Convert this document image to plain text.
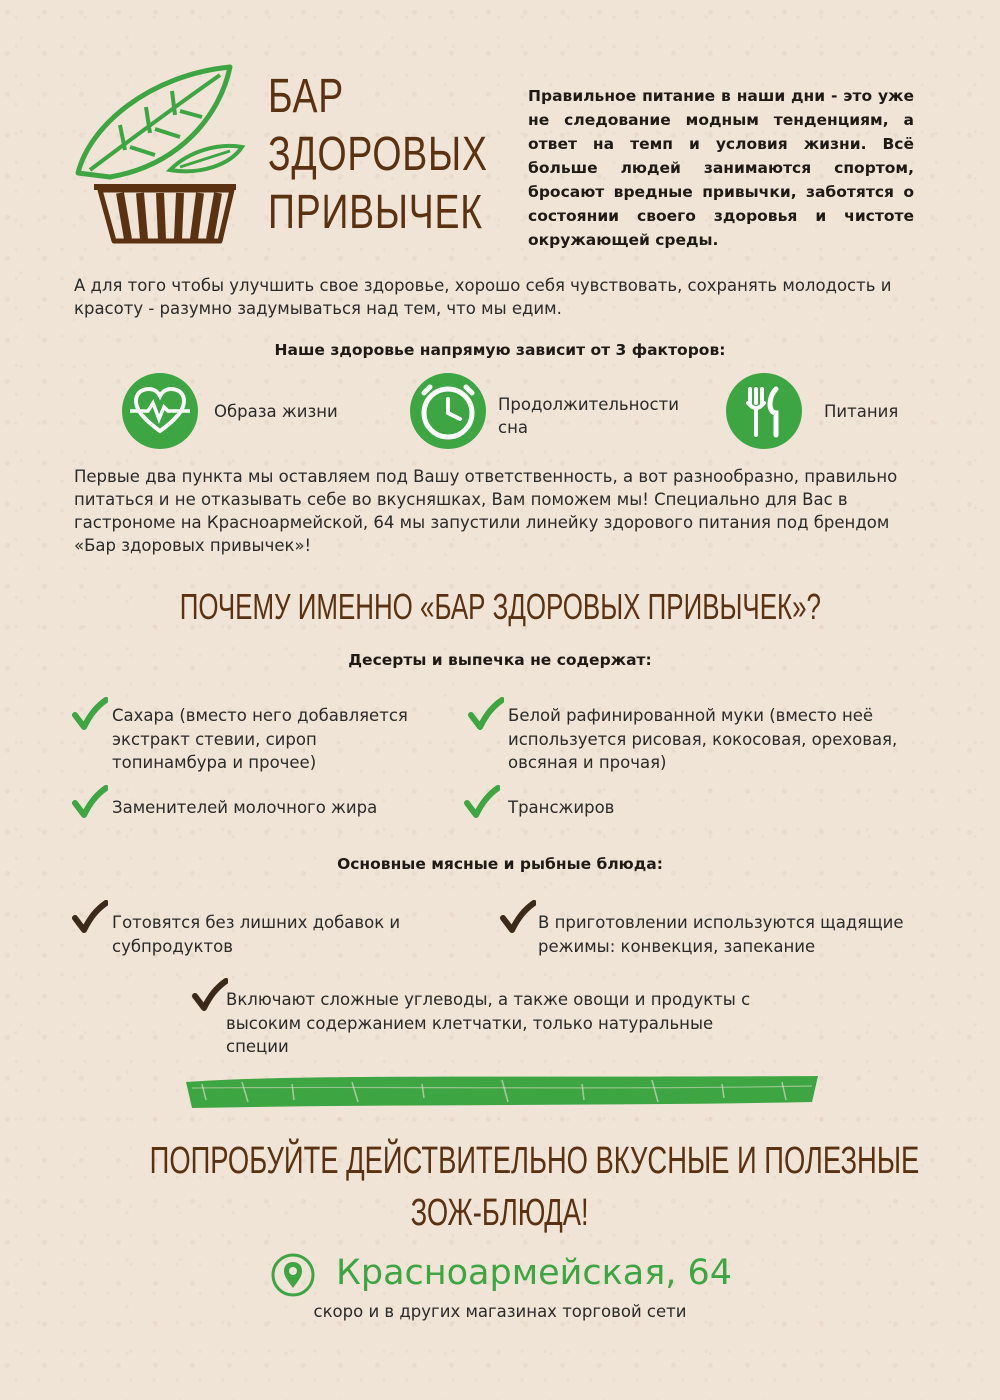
БАР
ЗДОРОВЫХ
ПРИВЫЧЕК
Правильное питание в наши дни - это уже не следование модным тенденциям, а ответ на темп и условия жизни. Всё больше людей занимаются спортом, бросают вредные привычки, заботятся о состоянии своего здоровья и чистоте окружающей среды.
А для того чтобы улучшить свое здоровье, хорошо себя чувствовать, сохранять молодость и красоту - разумно задумываться над тем, что мы едим.
Наше здоровье напрямую зависит от 3 факторов:
Образа жизни	Продолжительности сна
Питания
Первые два пункта мы оставляем под Вашу ответственность, а вот разнообразно, правильно питаться и не отказывать себе во вкусняшках, Вам поможем мы! Специально для Вас в гастрономе на Красноармейской, 64 мы запустили линейку здорового питания под брендом «Бар здоровых привычек»!
ПОЧЕМУ ИМЕННО «БАР ЗДОРОВЫХ ПРИВЫЧЕК»?
Десерты и выпечка не содержат:
Сахара (вместо него добавляется экстракт стевии, сироп топинамбура и прочее)
Белой рафинированной муки (вместо неё используется рисовая, кокосовая, ореховая, овсяная и прочая)
Заменителей молочного жира	Трансжиров
Основные мясные и рыбные блюда:
Готовятся без лишних добавок и субпродуктов
В приготовлении используются щадящие режимы: конвекция, запекание
Включают сложные углеводы, а также овощи и продукты с высоким содержанием клетчатки, только натуральные специи
ПОПРОБУЙТЕ ДЕЙСТВИТЕЛЬНО ВКУСНЫЕ И ПОЛЕЗНЫЕ
ЗОЖ-БЛЮДА!
Красноармейская, 64
скоро и в других магазинах торговой сети
